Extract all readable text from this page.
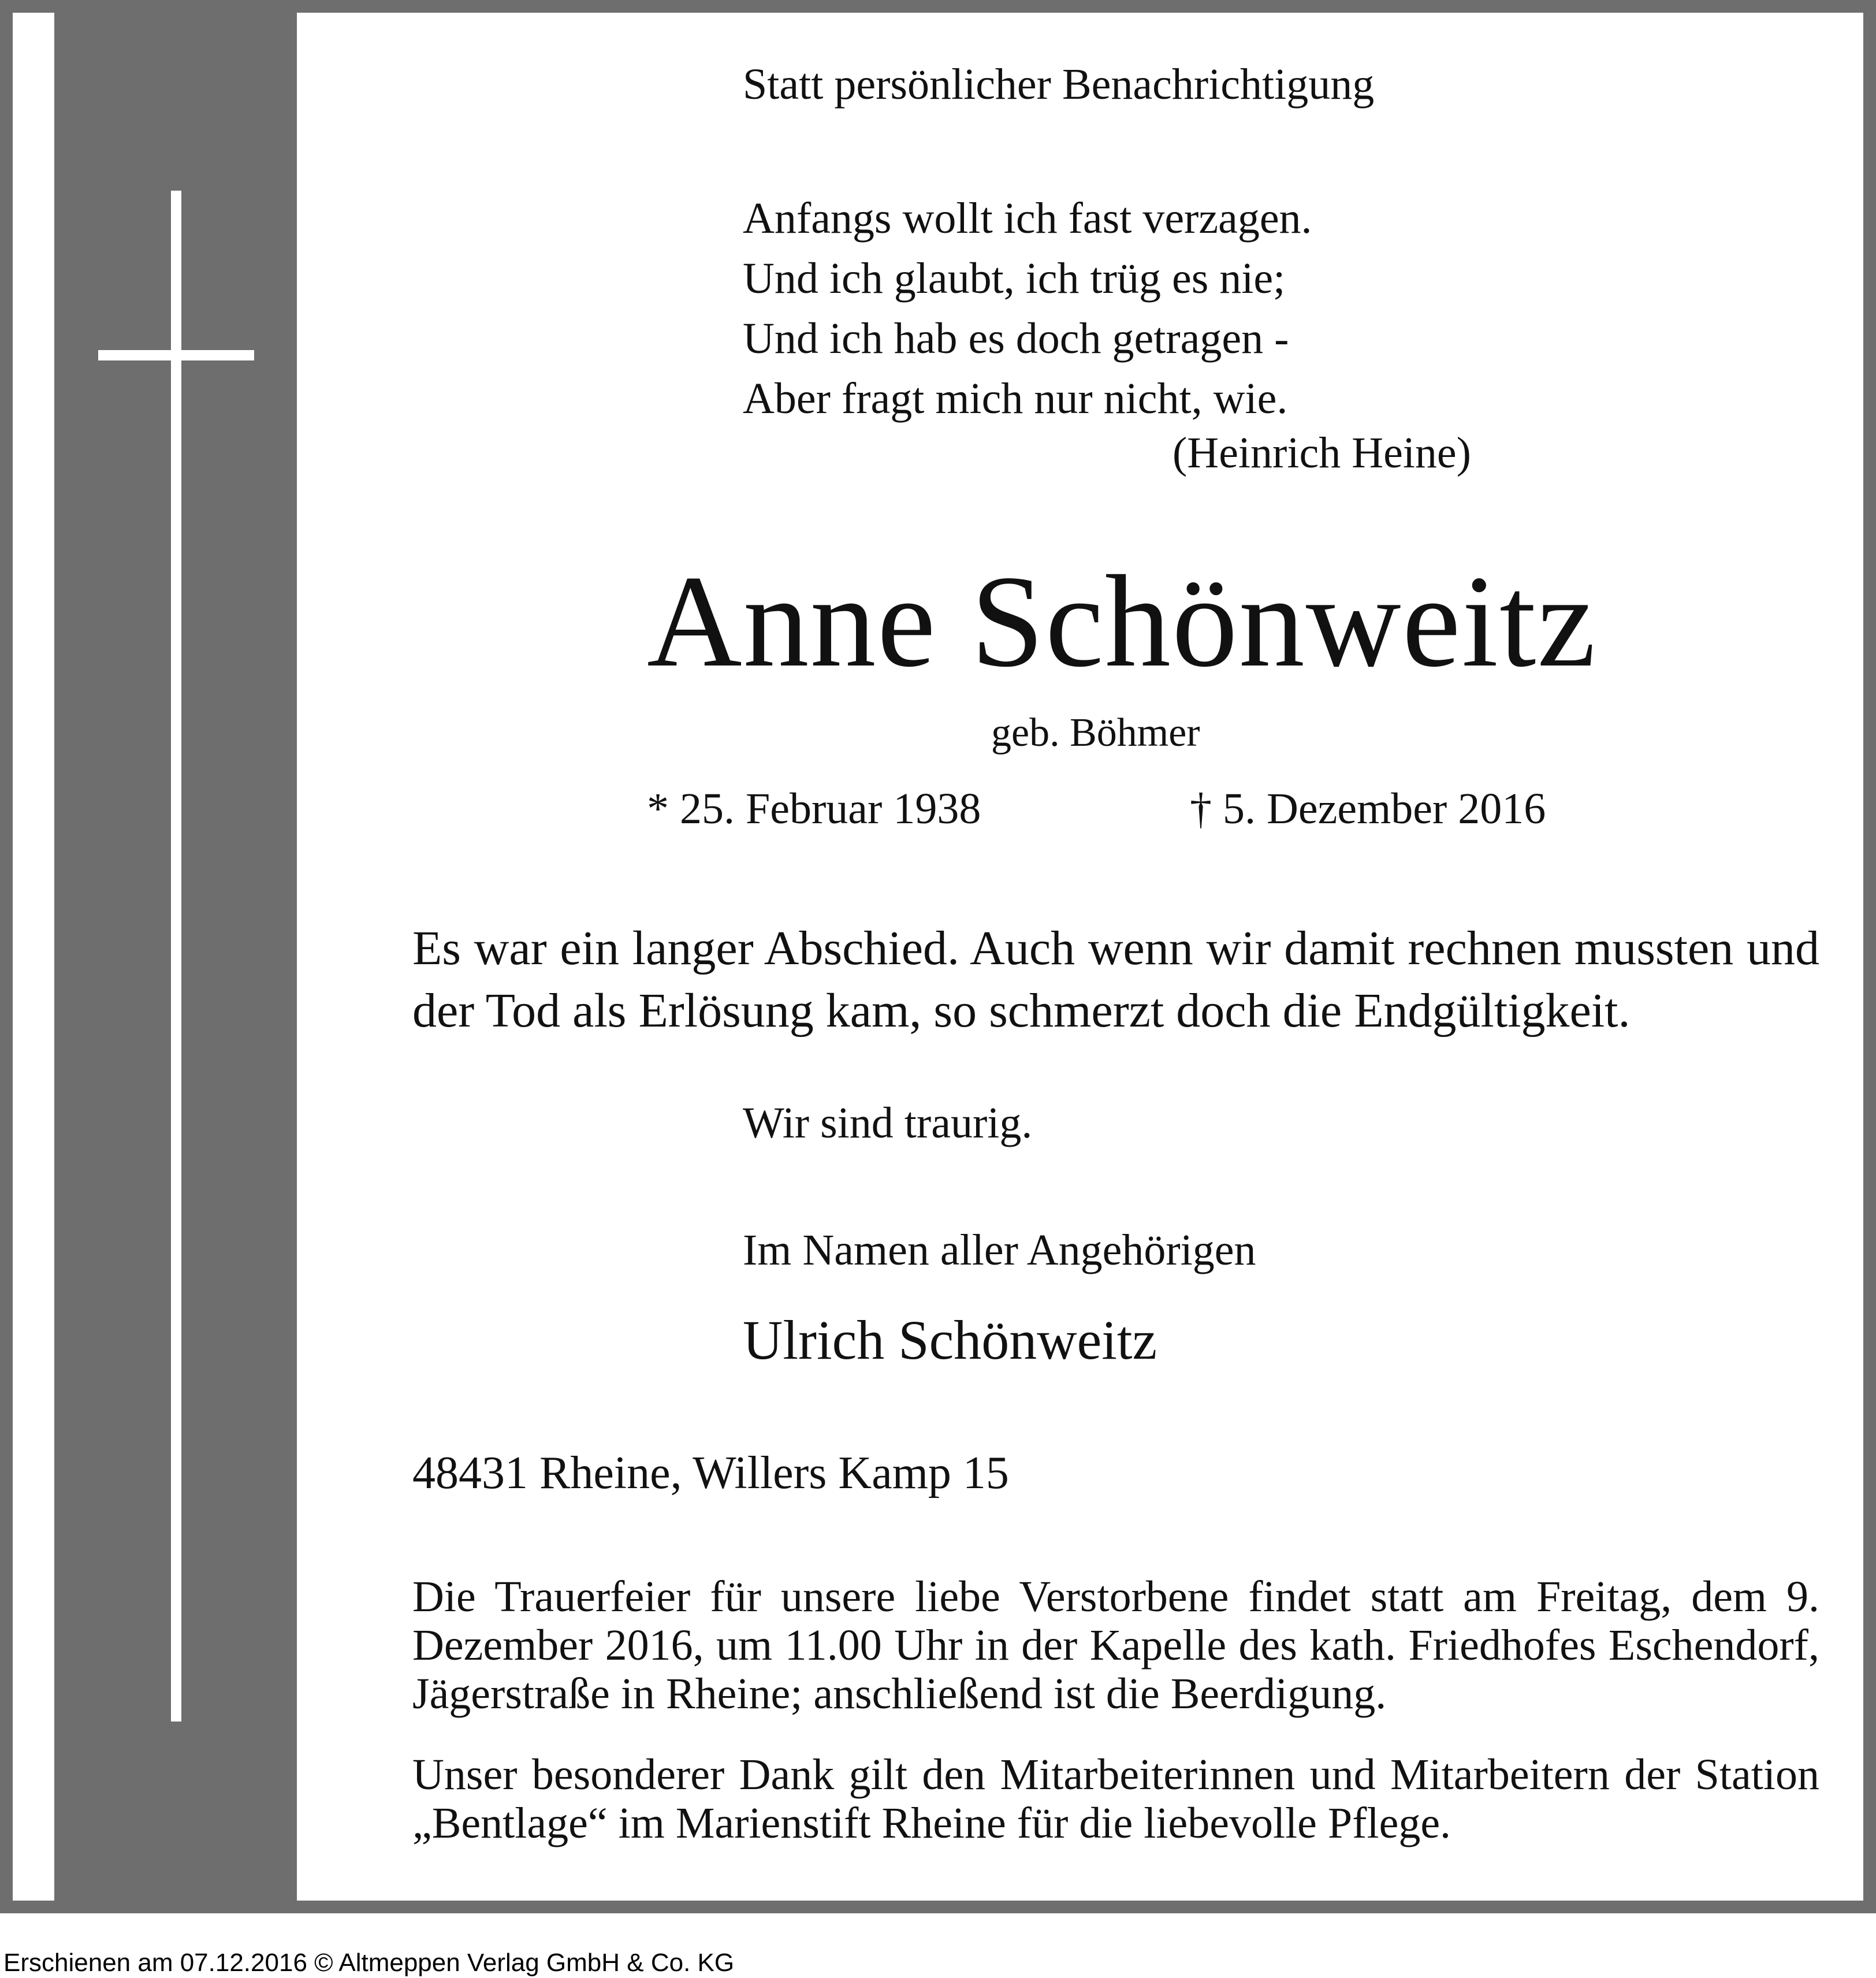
Statt persönlicher Benachrichtigung
Anfangs wollt ich fast verzagen.
Und ich glaubt, ich trüg es nie;
Und ich hab es doch getragen -
Aber fragt mich nur nicht, wie.
(Heinrich Heine)
Anne Schönweitz
geb. Böhmer
* 25. Februar 1938	† 5. Dezember 2016
Es war ein langer Abschied. Auch wenn wir damit rechnen mussten und der Tod als Erlösung kam, so schmerzt doch die Endgültigkeit.
Wir sind traurig.
Im Namen aller Angehörigen
Ulrich Schönweitz
48431 Rheine, Willers Kamp 15
Die Trauerfeier für unsere liebe Verstorbene findet statt am Freitag, dem 9. Dezember 2016, um 11.00 Uhr in der Kapelle des kath. Friedhofes Eschendorf, Jägerstraße in Rheine; anschließend ist die Beerdigung.
Unser besonderer Dank gilt den Mitarbeiterinnen und Mitarbeitern der Station „Bentlage“ im Marienstift Rheine für die liebevolle Pflege.
Erschienen am 07.12.2016 © Altmeppen Verlag GmbH & Co. KG
